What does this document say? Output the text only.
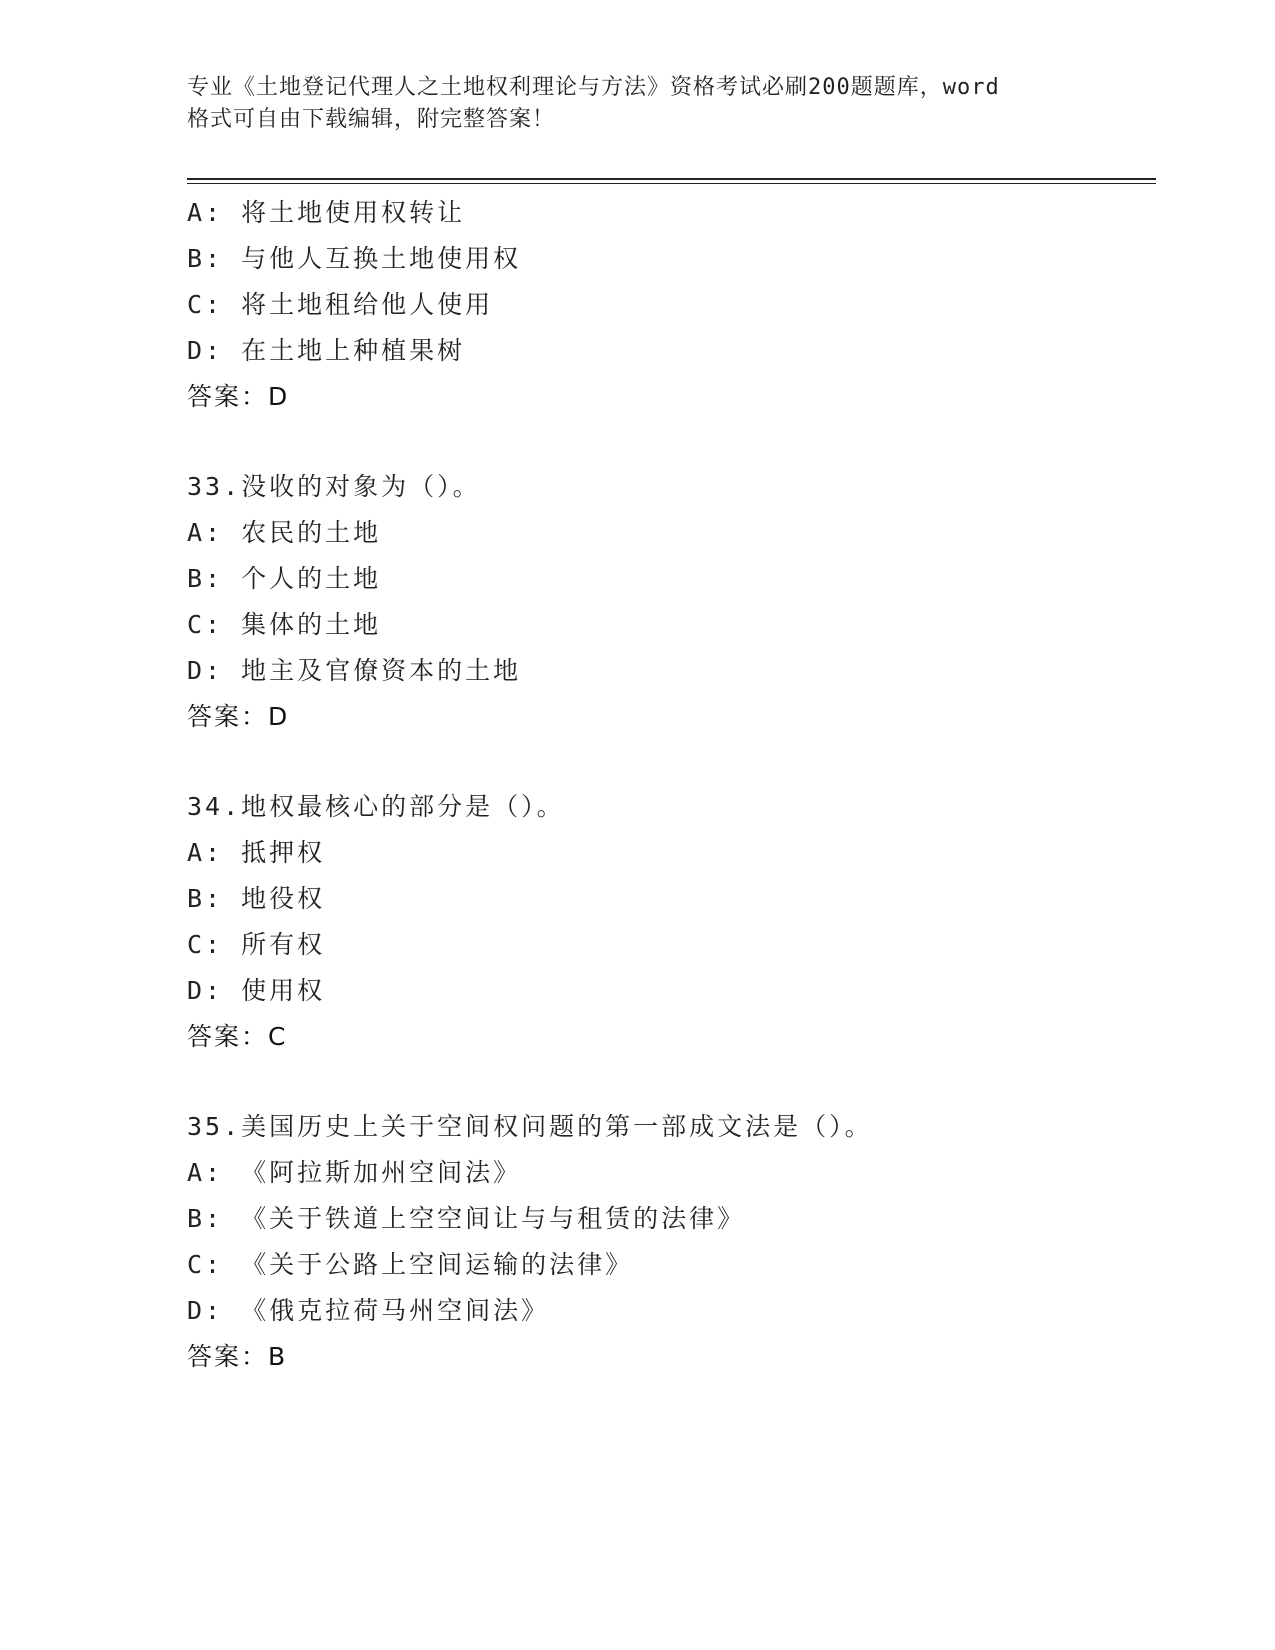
专业《土地登记代理人之土地权利理论与方法》资格考试必刷200题题库，word
格式可自由下载编辑，附完整答案！
A: 将土地使用权转让
B: 与他人互换土地使用权
C: 将土地租给他人使用
D: 在土地上种植果树
答案：D
33.没收的对象为（）。
A: 农民的土地
B: 个人的土地
C: 集体的土地
D: 地主及官僚资本的土地
答案：D
34.地权最核心的部分是（）。
A: 抵押权
B: 地役权
C: 所有权
D: 使用权
答案：C
35.美国历史上关于空间权问题的第一部成文法是（）。
A: 《阿拉斯加州空间法》
B: 《关于铁道上空空间让与与租赁的法律》
C: 《关于公路上空间运输的法律》
D: 《俄克拉荷马州空间法》
答案：B
